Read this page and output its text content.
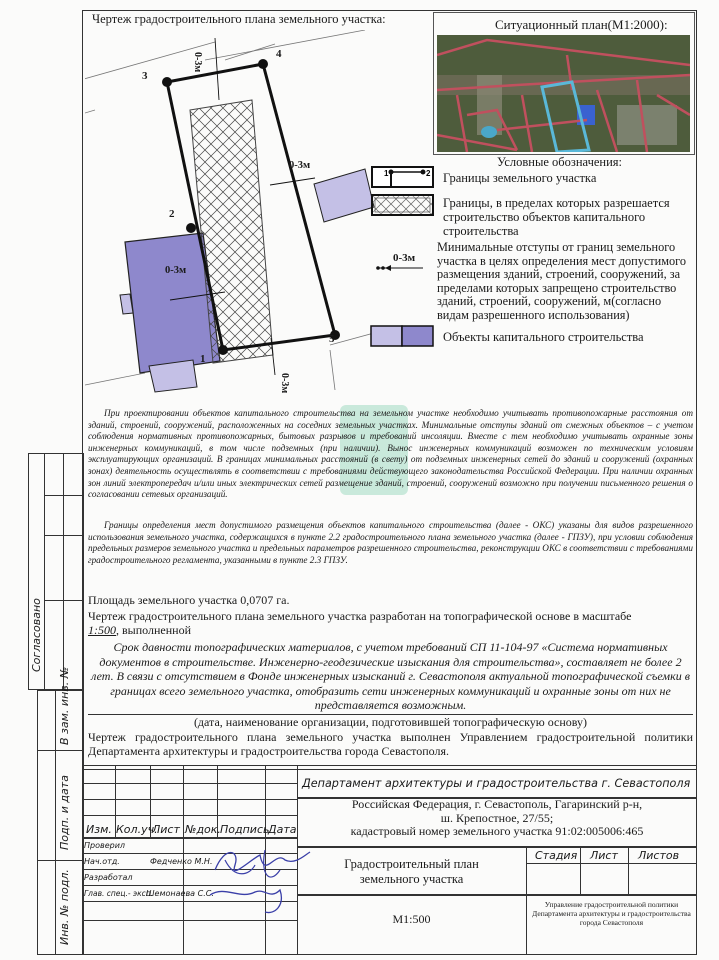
Чертеж градостроительного плана земельного участка:
3
4
2
1
5
0-3м
0-3м
0-3м
0-3м
Ситуационный план(М1:2000):
Условные обозначения:
1	2 Границы земельного участка
Границы, в пределах которых разрешается строительство объектов капитального строительства
0-3м
Минимальные отступы от границ земельного участка в целях определения мест допустимого размещения зданий, строений, сооружений, за пределами которых запрещено строительство зданий, строений, сооружений, м(согласно видам разрешенного использования)
Объекты капитального строительства
При проектировании объектов капитального строительства на земельном участке необходимо учитывать противопожарные расстояния от зданий, строений, сооружений, расположенных на соседних земельных участках. Минимальные отступы зданий от смежных объектов – с учетом соблюдения нормативных противопожарных, бытовых разрывов и требований инсоляции. Вместе с тем необходимо учитывать охранные зоны инженерных коммуникаций, в том числе подземных (при наличии). Вынос инженерных коммуникаций возможен по техническим условиям эксплуатирующих организаций. В границах минимальных расстояний (в свету) от подземных инженерных сетей до зданий и сооружений (охранных зонах) деятельность осуществлять в соответствии с требованиями действующего законодательства Российской Федерации. При наличии охранных зон линий электропередач и/или иных электрических сетей размещение зданий, строений, сооружений возможно при получении письменного решения о согласовании сетевых организаций.
Границы определения мест допустимого размещения объектов капитального строительства (далее - ОКС) указаны для видов разрешенного использования земельного участка, содержащихся в пункте 2.2 градостроительного плана земельного участка (далее - ГПЗУ), при условии соблюдения предельных размеров земельного участка и предельных параметров разрешенного строительства, реконструкции ОКС в соответствии с требованиями градостроительного регламента, указанными в пункте 2.3 ГПЗУ.
Площадь земельного участка 0,0707 га.
Чертеж градостроительного плана земельного участка разработан на топографической основе в масштабе
1:500, выполненной
Срок давности топографических материалов, с учетом требований СП 11-104-97 «Система нормативных документов в строительстве. Инженерно-геодезические изыскания для строительства», составляет не более 2 лет. В связи с отсутствием в Фонде инженерных изысканий г. Севастополя актуальной топографической съемки в границах всего земельного участка, отобразить сети инженерных коммуникаций и охранные зоны от них не представляется возможным.
(дата, наименование организации, подготовившей топографическую основу)
Чертеж градостроительного плана земельного участка выполнен Управлением градостроительной политики Департамента архитектуры и градостроительства города Севастополя.
Согласовано
В зам. инв. №
Подп. и дата
Инв. № подл.
Изм. Кол.уч.
Лист №док. Подпись
Дата
Проверил
Нач.отд.	Федченко М.Н.
Разработал
Глав. спец.- эксп.
Шемонаева С.С.
Департамент архитектуры и градостроительства г. Севастополя
Российская Федерация, г. Севастополь, Гагаринский р-н,
ш. Крепостное, 27/55;
кадастровый номер земельного участка 91:02:005006:465
Стадия Лист Листов
Градостроительный план
земельного участка
М1:500
Управление градостроительной политики Департамента архитектуры и градостроительства города Севастополя
